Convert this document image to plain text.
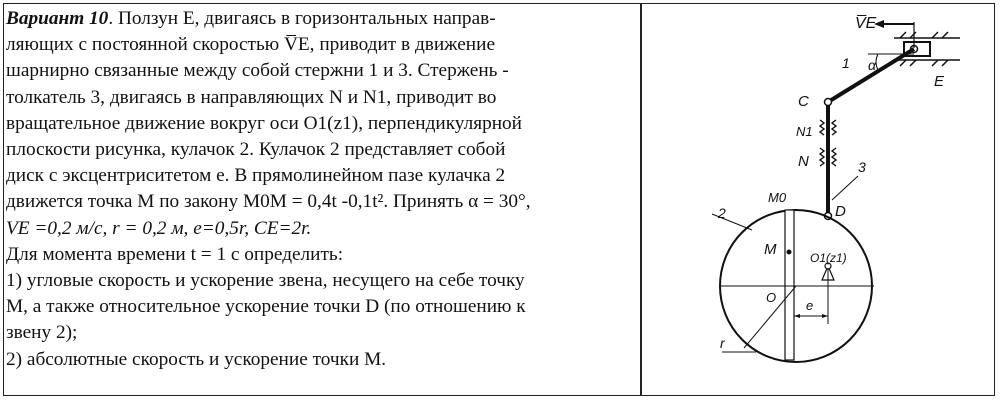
Вариант 10. Ползун E, двигаясь в горизонтальных направ-
ляющих с постоянной скоростью V̅E, приводит в движение
шарнирно связанные между собой стержни 1 и 3. Стержень -
толкатель 3, двигаясь в направляющих N и N1, приводит во
вращательное движение вокруг оси O1(z1), перпендикулярной
плоскости рисунка, кулачок 2. Кулачок 2 представляет собой
диск с эксцентриситетом e. В прямолинейном пазе кулачка 2
движется точка M по закону M0M = 0,4t -0,1t². Принять α = 30°,
VE =0,2 м/с, r = 0,2 м, e=0,5r, CE=2r.
Для момента времени t = 1 с определить:
1) угловые скорость и ускорение звена, несущего на себе точку
M, а также относительное ускорение точки D (по отношению к
звену 2);
2) абсолютные скорость и ускорение точки M.
V̅E
E
1 α
C
N1
N	3
D
2
M0
M
O
O1(z1)
e
r
